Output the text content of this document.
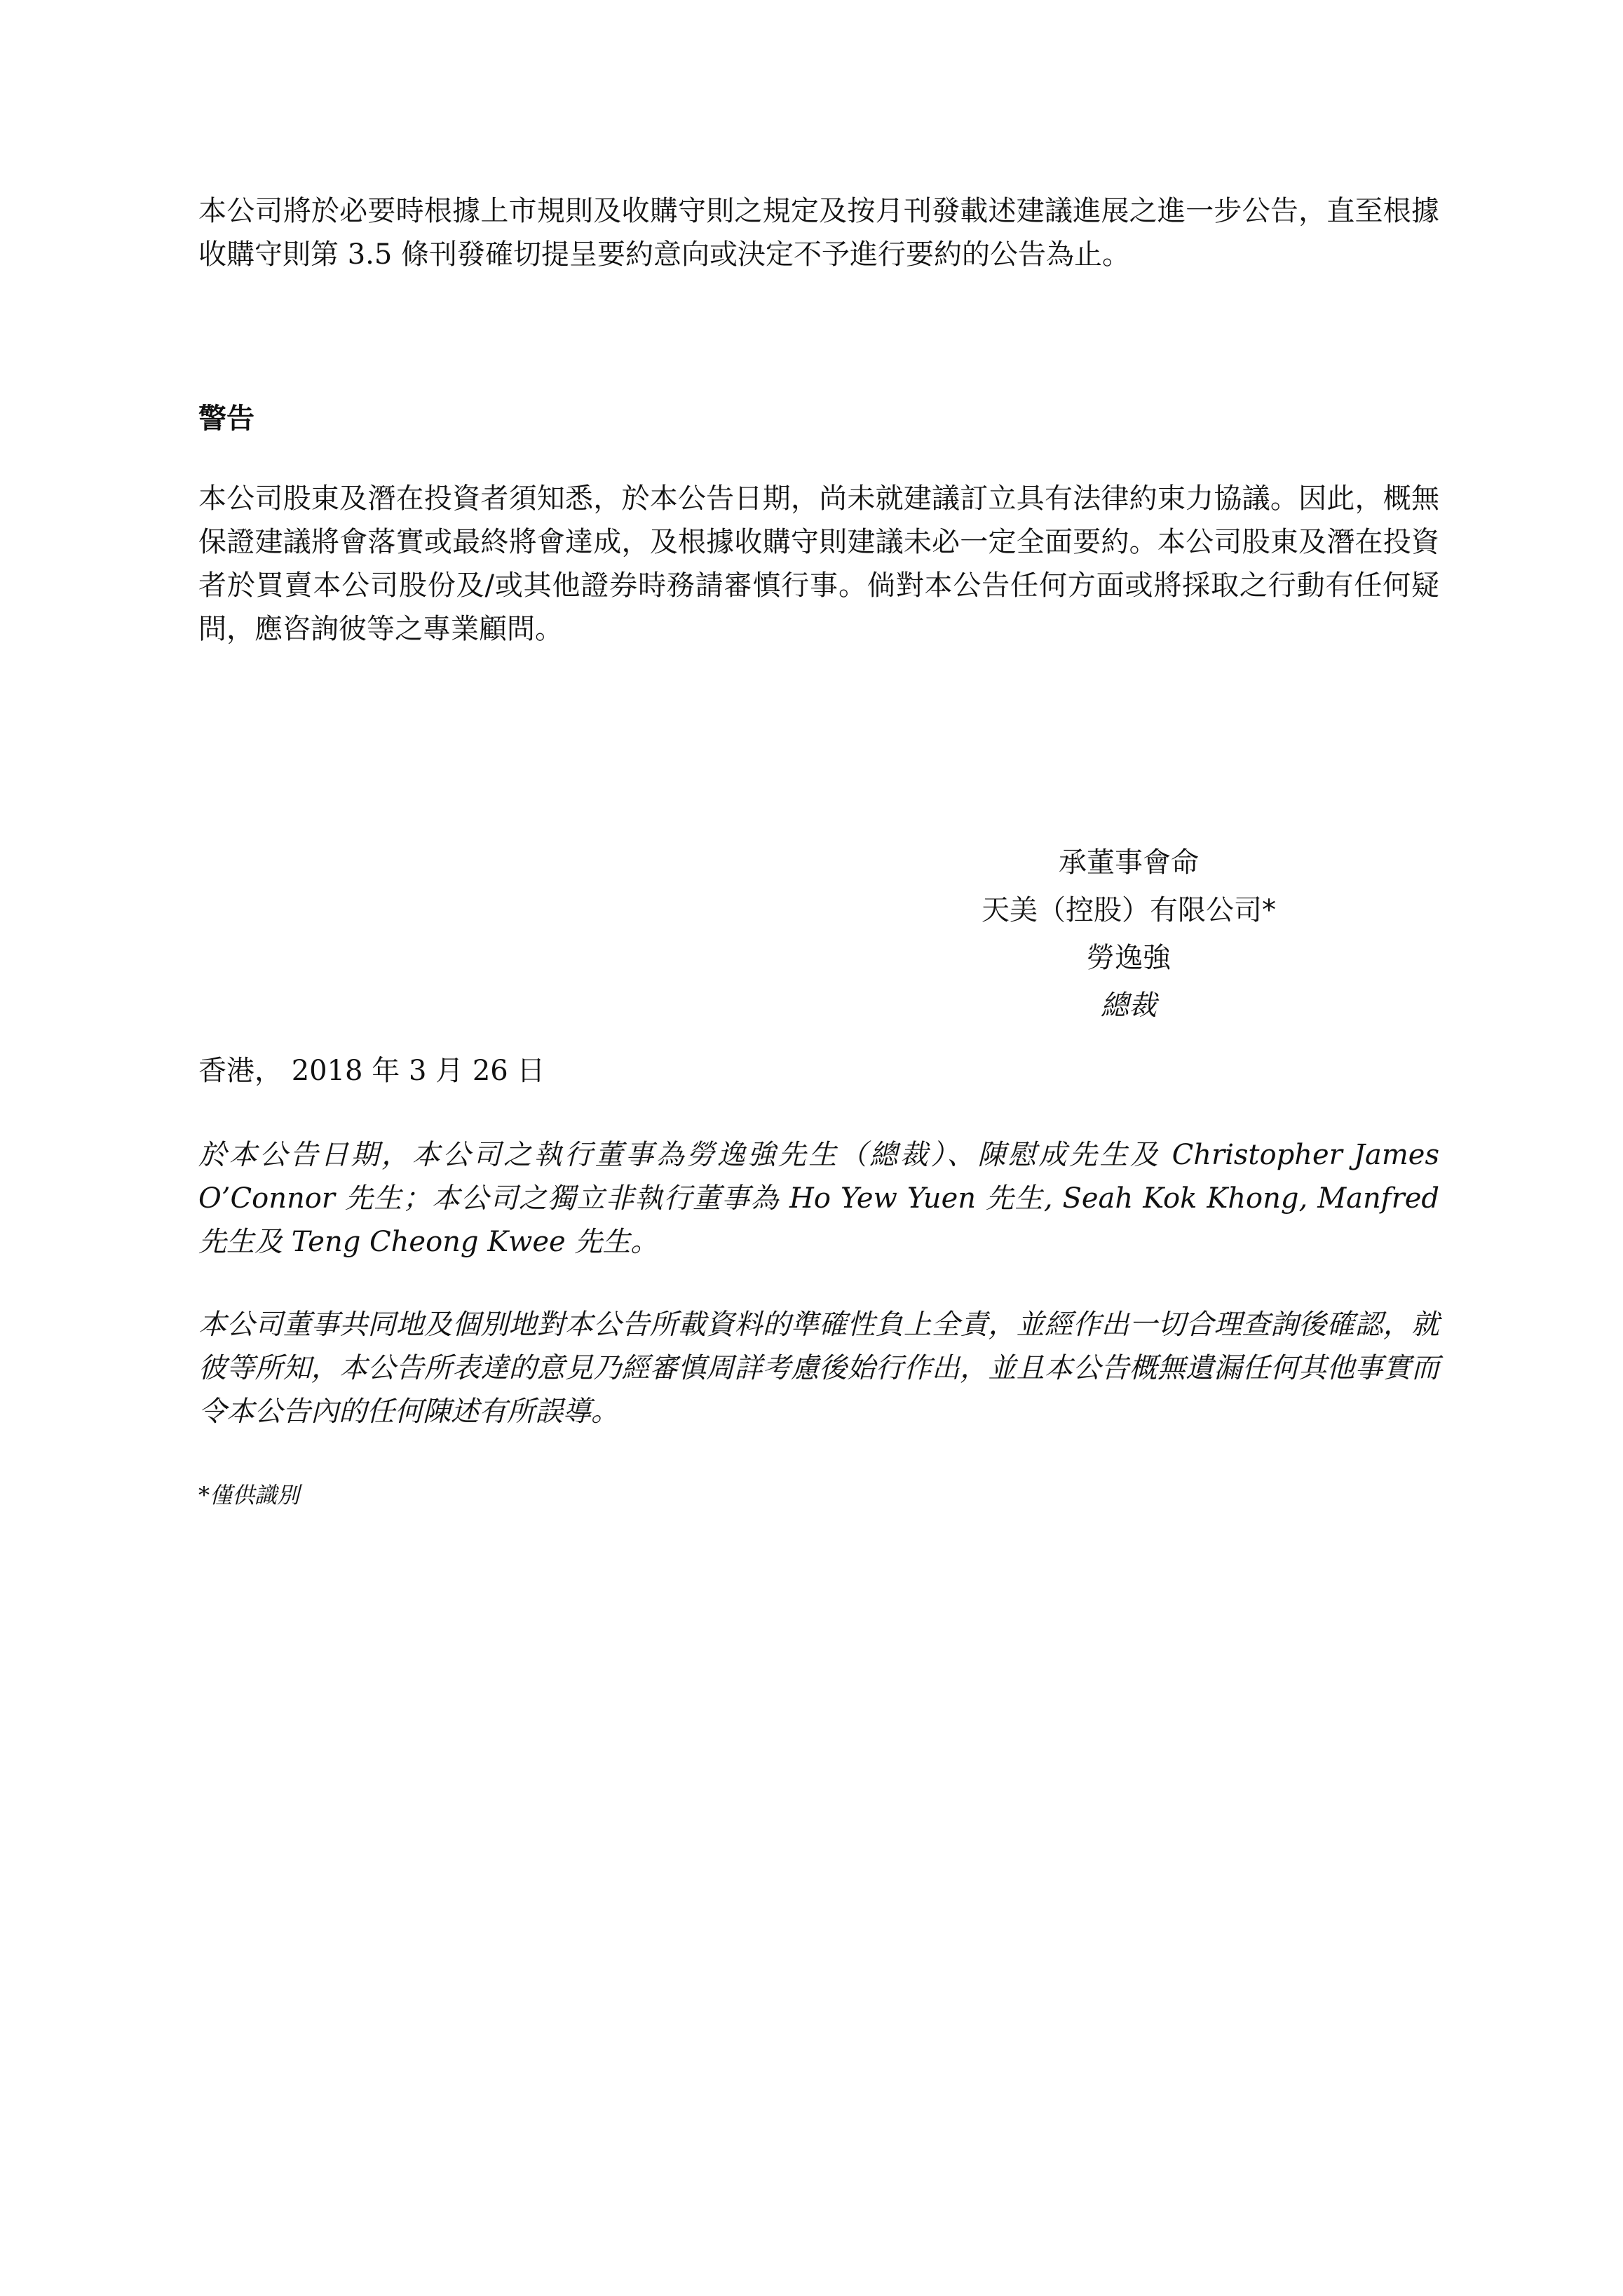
本公司將於必要時根據上市規則及收購守則之規定及按月刊發載述建議進展之進一步公告，直至根據收購守則第 3.5 條刊發確切提呈要約意向或決定不予進行要約的公告為止。

警告

本公司股東及潛在投資者須知悉，於本公告日期，尚未就建議訂立具有法律約束力協議。因此，概無保證建議將會落實或最終將會達成，及根據收購守則建議未必一定全面要約。本公司股東及潛在投資者於買賣本公司股份及/或其他證券時務請審慎行事。倘對本公告任何方面或將採取之行動有任何疑問，應咨詢彼等之專業顧問。

承董事會命

天美（控股）有限公司*

勞逸強

總裁

香港， 2018 年 3 月 26 日

於本公告日期，本公司之執行董事為勞逸強先生（總裁）、陳慰成先生及 Christopher James O’Connor 先生；本公司之獨立非執行董事為 Ho Yew Yuen 先生, Seah Kok Khong, Manfred 先生及 Teng Cheong Kwee 先生。

本公司董事共同地及個別地對本公告所載資料的準確性負上全責，並經作出一切合理查詢後確認，就彼等所知，本公告所表達的意見乃經審慎周詳考慮後始行作出，並且本公告概無遺漏任何其他事實而令本公告內的任何陳述有所誤導。

*僅供識別
